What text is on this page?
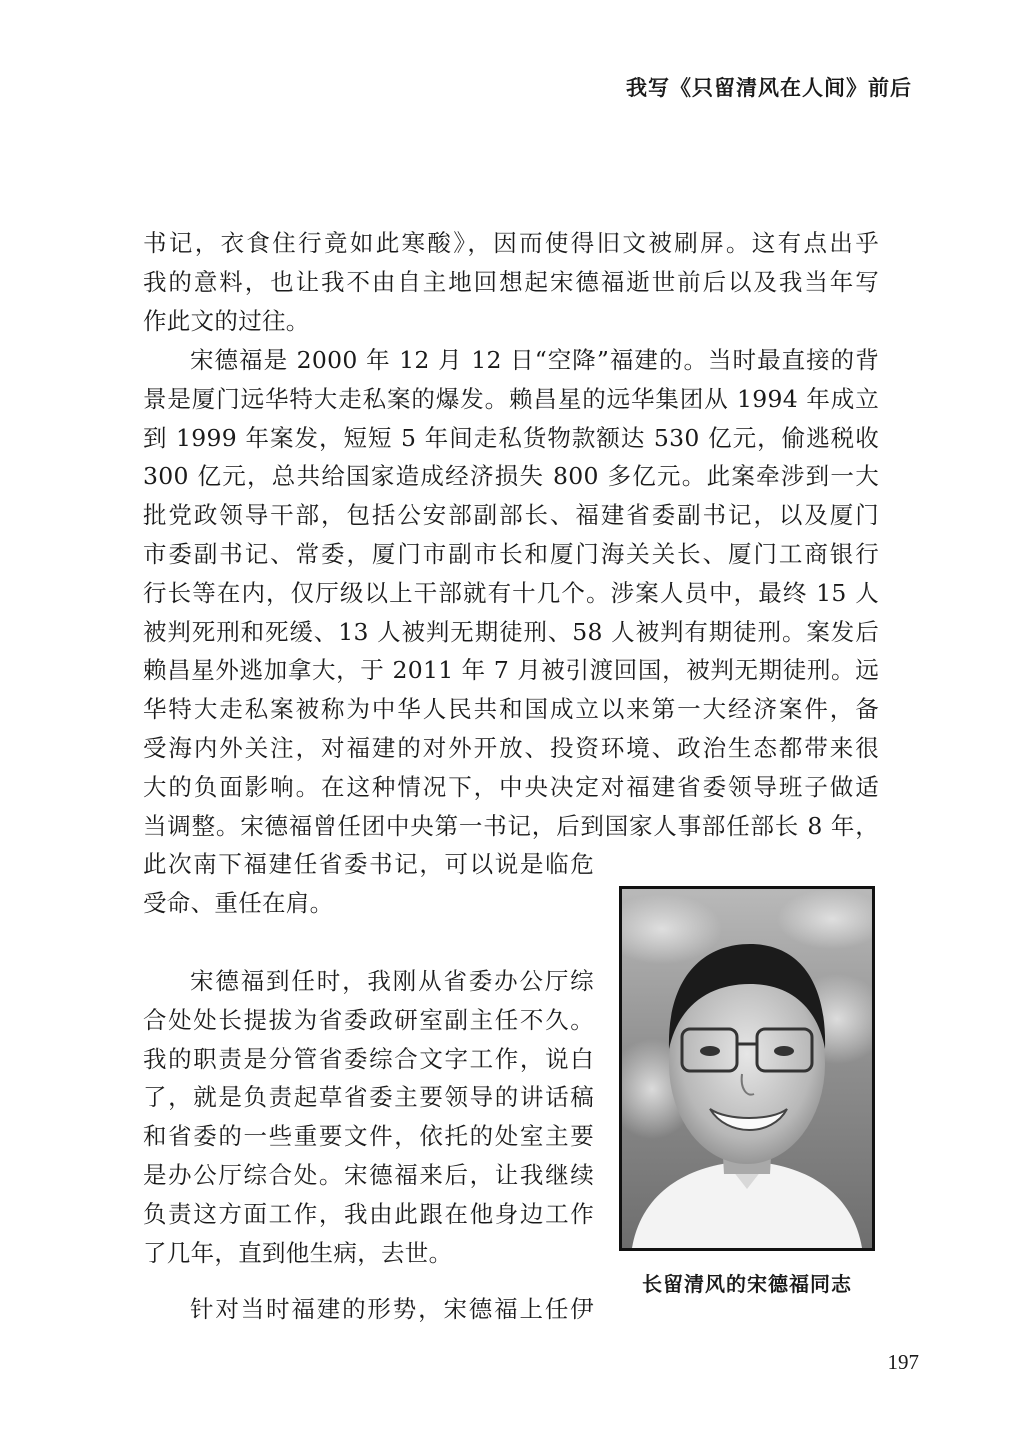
我写《只留清风在人间》前后

书记，衣食住行竟如此寒酸》，因而使得旧文被刷屏。这有点出乎
我的意料，也让我不由自主地回想起宋德福逝世前后以及我当年写
作此文的过往。

宋德福是 2000 年 12 月 12 日“空降”福建的。当时最直接的背
景是厦门远华特大走私案的爆发。赖昌星的远华集团从 1994 年成立
到 1999 年案发，短短 5 年间走私货物款额达 530 亿元，偷逃税收
300 亿元，总共给国家造成经济损失 800 多亿元。此案牵涉到一大
批党政领导干部，包括公安部副部长、福建省委副书记，以及厦门
市委副书记、常委，厦门市副市长和厦门海关关长、厦门工商银行
行长等在内，仅厅级以上干部就有十几个。涉案人员中，最终 15 人
被判死刑和死缓、13 人被判无期徒刑、58 人被判有期徒刑。案发后
赖昌星外逃加拿大，于 2011 年 7 月被引渡回国，被判无期徒刑。远
华特大走私案被称为中华人民共和国成立以来第一大经济案件，备
受海内外关注，对福建的对外开放、投资环境、政治生态都带来很
大的负面影响。在这种情况下，中央决定对福建省委领导班子做适
当调整。宋德福曾任团中央第一书记，后到国家人事部任部长 8 年，
此次南下福建任省委书记，可以说是临危
受命、重任在肩。

宋德福到任时，我刚从省委办公厅综
合处处长提拔为省委政研室副主任不久。
我的职责是分管省委综合文字工作，说白
了，就是负责起草省委主要领导的讲话稿
和省委的一些重要文件，依托的处室主要
是办公厅综合处。宋德福来后，让我继续
负责这方面工作，我由此跟在他身边工作
了几年，直到他生病，去世。

针对当时福建的形势，宋德福上任伊

长留清风的宋德福同志
197
